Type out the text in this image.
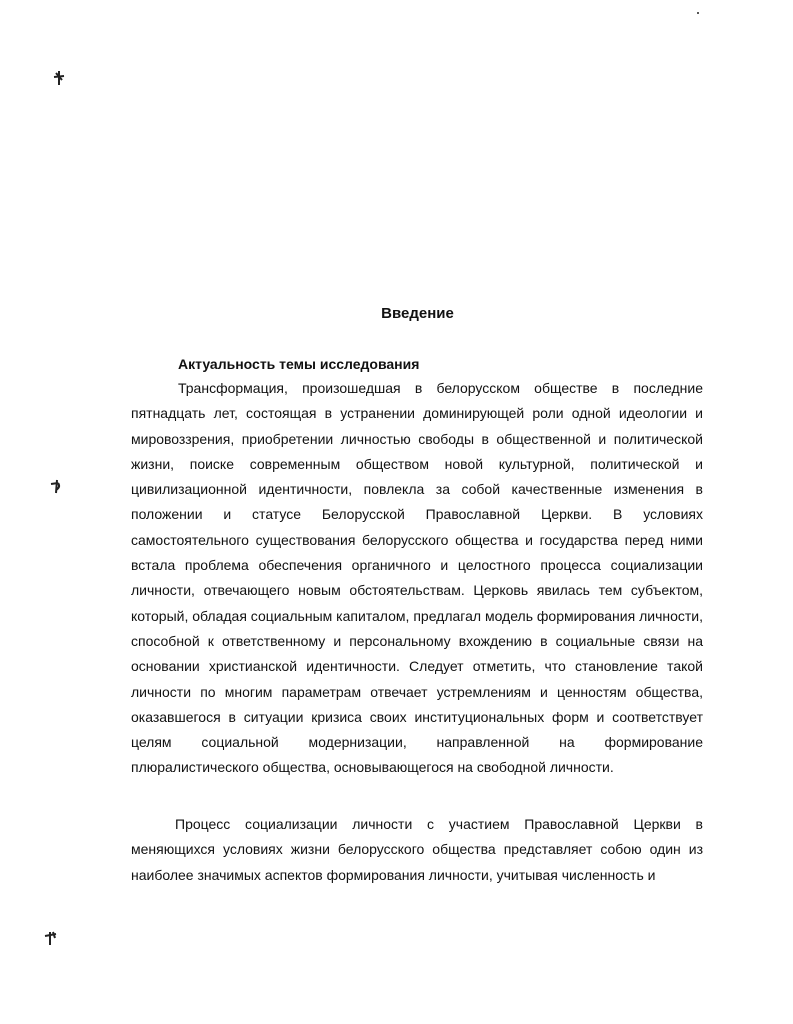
Введение
Актуальность темы исследования

Трансформация, произошедшая в белорусском обществе в последние пятнадцать лет, состоящая в устранении доминирующей роли одной идеологии и мировоззрения, приобретении личностью свободы в общественной и политической жизни, поиске современным обществом новой культурной, политической и цивилизационной идентичности, повлекла за собой качественные изменения в положении и статусе Белорусской Православной Церкви. В условиях самостоятельного существования белорусского общества и государства перед ними встала проблема обеспечения органичного и целостного процесса социализации личности, отвечающего новым обстоятельствам. Церковь явилась тем субъектом, который, обладая социальным капиталом, предлагал модель формирования личности, способной к ответственному и персональному вхождению в социальные связи на основании христианской идентичности. Следует отметить, что становление такой личности по многим параметрам отвечает устремлениям и ценностям общества, оказавшегося в ситуации кризиса своих институциональных форм и соответствует целям социальной модернизации, направленной на формирование плюралистического общества, основывающегося на свободной личности.

Процесс социализации личности с участием Православной Церкви в меняющихся условиях жизни белорусского общества представляет собою один из наиболее значимых аспектов формирования личности, учитывая численность и
